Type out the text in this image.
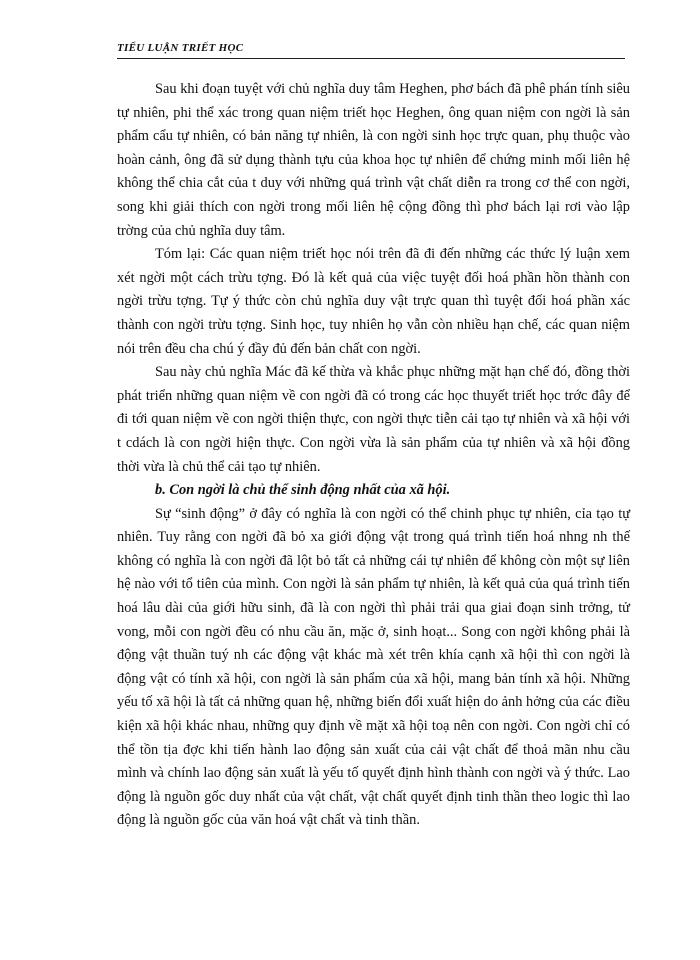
TIỂU LUẬN TRIẾT HỌC

Sau khi đoạn tuyệt với chủ nghĩa duy tâm Heghen, phơ bách đã phê phán tính siêu tự nhiên, phi thể xác trong quan niệm triết học Heghen, ông quan niệm con ngời là sản phẩm cẩu tự nhiên, có bản năng tự nhiên, là con ngời sinh học trực quan, phụ thuộc vào hoàn cảnh, ông đã sử dụng thành tựu của khoa học tự nhiên để chứng minh mối liên hệ không thể chia cắt của t duy với những quá trình vật chất diễn ra trong cơ thể con ngời, song khi giải thích con ngời trong mối liên hệ cộng đồng thì phơ bách lại rơi vào lập trờng của chủ nghĩa duy tâm.

Tóm lại: Các quan niệm triết học nói trên đã đi đến những các thức lý luận xem xét ngời một cách trừu tợng. Đó là kết quả của việc tuyệt đối hoá phần hồn thành con ngời trừu tợng. Tự ý thức còn chủ nghĩa duy vật trực quan thì tuyệt đối hoá phần xác thành con ngời trừu tợng. Sinh học, tuy nhiên họ vẫn còn nhiều hạn chế, các quan niệm nói trên đều cha chú ý đầy đủ đến bản chất con ngời.

Sau này chủ nghĩa Mác đã kế thừa và khắc phục những mặt hạn chế đó, đồng thời phát triển những quan niệm về con ngời đã có trong các học thuyết triết học trớc đây để đi tới quan niệm về con ngời thiện thực, con ngời thực tiễn cải tạo tự nhiên và xã hội với t cdách là con ngời hiện thực. Con ngời vừa là sản phẩm của tự nhiên và xã hội đồng thời vừa là chủ thể cải tạo tự nhiên.

b. Con ngời là chủ thể sinh động nhất của xã hội.

Sự “sinh động” ở đây có nghĩa là con ngời có thể chinh phục tự nhiên, cỉa tạo tự nhiên. Tuy rằng con ngời đã bỏ xa giới động vật trong quá trình tiến hoá nhng nh thế không có nghĩa là con ngời đã lột bỏ tất cả những cái tự nhiên để không còn một sự liên hệ nào với tổ tiên của mình. Con ngời là sản phẩm tự nhiên, là kết quả của quá trình tiến hoá lâu dài của giới hữu sinh, đã là con ngời thì phải trải qua giai đoạn sinh trởng, tử vong, mỗi con ngời đều có nhu cầu ăn, mặc ở, sinh hoạt... Song con ngời không phải là động vật thuần tuý nh các động vật khác mà xét trên khía cạnh xã hội thì con ngời là động vật có tính xã hội, con ngời là sản phẩm của xã hội, mang bản tính xã hội. Những yếu tố xã hội là tất cả những quan hệ, những biến đổi xuất hiện do ảnh hởng của các điều kiện xã hội khác nhau, những quy định về mặt xã hội toạ nên con ngời. Con ngời chỉ có thể tồn tịa đợc khi tiến hành lao động sản xuất của cải vật chất để thoả mãn nhu cầu mình và chính lao động sản xuất là yếu tố quyết định hình thành con ngời và ý thức. Lao động là nguồn gốc duy nhất của vật chất, vật chất quyết định tinh thần theo logic thì lao động là nguồn gốc của văn hoá vật chất và tinh thần.
